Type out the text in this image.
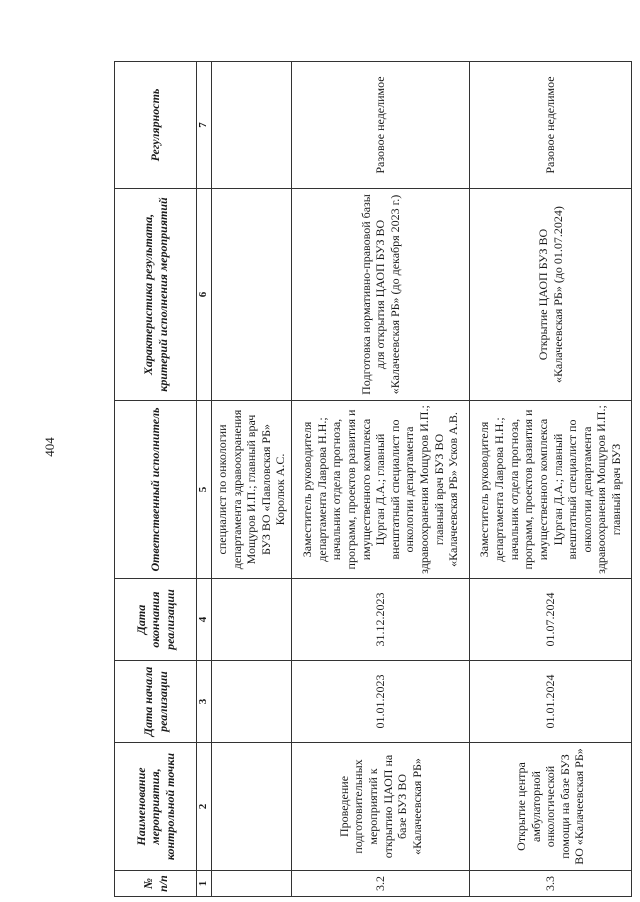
404
№ п/п	Наименование мероприятия, контрольной точки	Дата начала реализации	Дата окончания реализации	Ответственный исполнитель	Характеристика результата, критерий исполнения мероприятий	Регулярность
1	2	3	4	5	6	7
				специалист по онкологии департамента здравоохранения Мощуров И.П.; главный врач БУЗ ВО «Павловская РБ» Королюк А.С.		
3.2	Проведение подготовительных мероприятий к открытию ЦАОП на базе БУЗ ВО «Калачеевская РБ»	01.01.2023	31.12.2023	Заместитель руководителя департамента Лаврова Н.Н.; начальник отдела прогноза, программ, проектов развития и имущественного комплекса Цурган Д.А.; главный внештатный специалист по онкологии департамента здравоохранения Мощуров И.П.; главный врач БУЗ ВО «Калачеевская РБ» Усков А.В.	Подготовка нормативно-правовой базы для открытия ЦАОП БУЗ ВО «Калачеевская РБ» (до декабря 2023 г.)	Разовое неделимое
3.3	Открытие центра амбулаторной онкологической помощи на базе БУЗ ВО «Калачеевская РБ»	01.01.2024	01.07.2024	Заместитель руководителя департамента Лаврова Н.Н.; начальник отдела прогноза, программ, проектов развития и имущественного комплекса Цурган Д.А.; главный внештатный специалист по онкологии департамента здравоохранения Мощуров И.П.; главный врач БУЗ	Открытие ЦАОП БУЗ ВО «Калачеевская РБ» (до 01.07.2024)	Разовое неделимое
